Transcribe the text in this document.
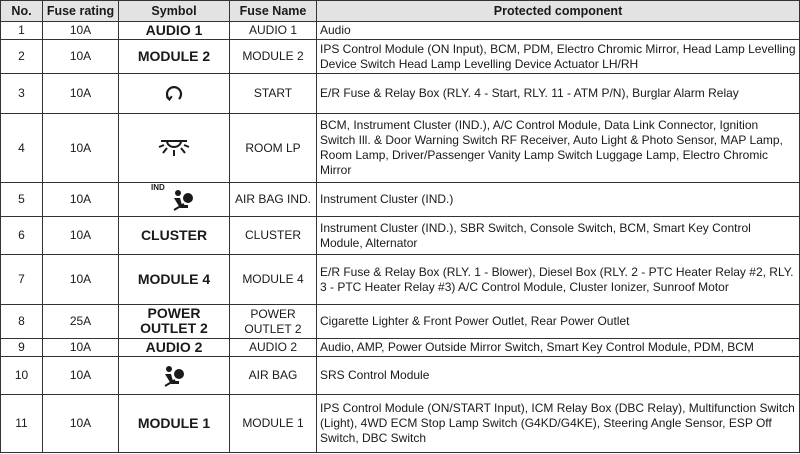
No.	Fuse rating	Symbol	Fuse Name	Protected component
1	10A	AUDIO 1	AUDIO 1	Audio
2	10A	MODULE 2	MODULE 2	IPS Control Module (ON Input), BCM, PDM, Electro Chromic Mirror, Head Lamp Levelling Device Switch Head Lamp Levelling Device Actuator LH/RH
3	10A		START	E/R Fuse & Relay Box (RLY. 4 - Start, RLY. 11 - ATM P/N), Burglar Alarm Relay
4	10A		ROOM LP	BCM, Instrument Cluster (IND.), A/C Control Module, Data Link Connector, Ignition Switch Ill. & Door Warning Switch RF Receiver, Auto Light & Photo Sensor, MAP Lamp, Room Lamp, Driver/Passenger Vanity Lamp Switch Luggage Lamp, Electro Chromic Mirror
5	10A	IND	AIR BAG IND.	Instrument Cluster (IND.)
6	10A	CLUSTER	CLUSTER	Instrument Cluster (IND.), SBR Switch, Console Switch, BCM, Smart Key Control Module, Alternator
7	10A	MODULE 4	MODULE 4	E/R Fuse & Relay Box (RLY. 1 - Blower), Diesel Box (RLY. 2 - PTC Heater Relay #2, RLY. 3 - PTC Heater Relay #3) A/C Control Module, Cluster Ionizer, Sunroof Motor
8	25A	POWER OUTLET 2	POWER OUTLET 2	Cigarette Lighter & Front Power Outlet, Rear Power Outlet
9	10A	AUDIO 2	AUDIO 2	Audio, AMP, Power Outside Mirror Switch, Smart Key Control Module, PDM, BCM
10	10A		AIR BAG	SRS Control Module
11	10A	MODULE 1	MODULE 1	IPS Control Module (ON/START Input), ICM Relay Box (DBC Relay), Multifunction Switch (Light), 4WD ECM Stop Lamp Switch (G4KD/G4KE), Steering Angle Sensor, ESP Off Switch, DBC Switch
